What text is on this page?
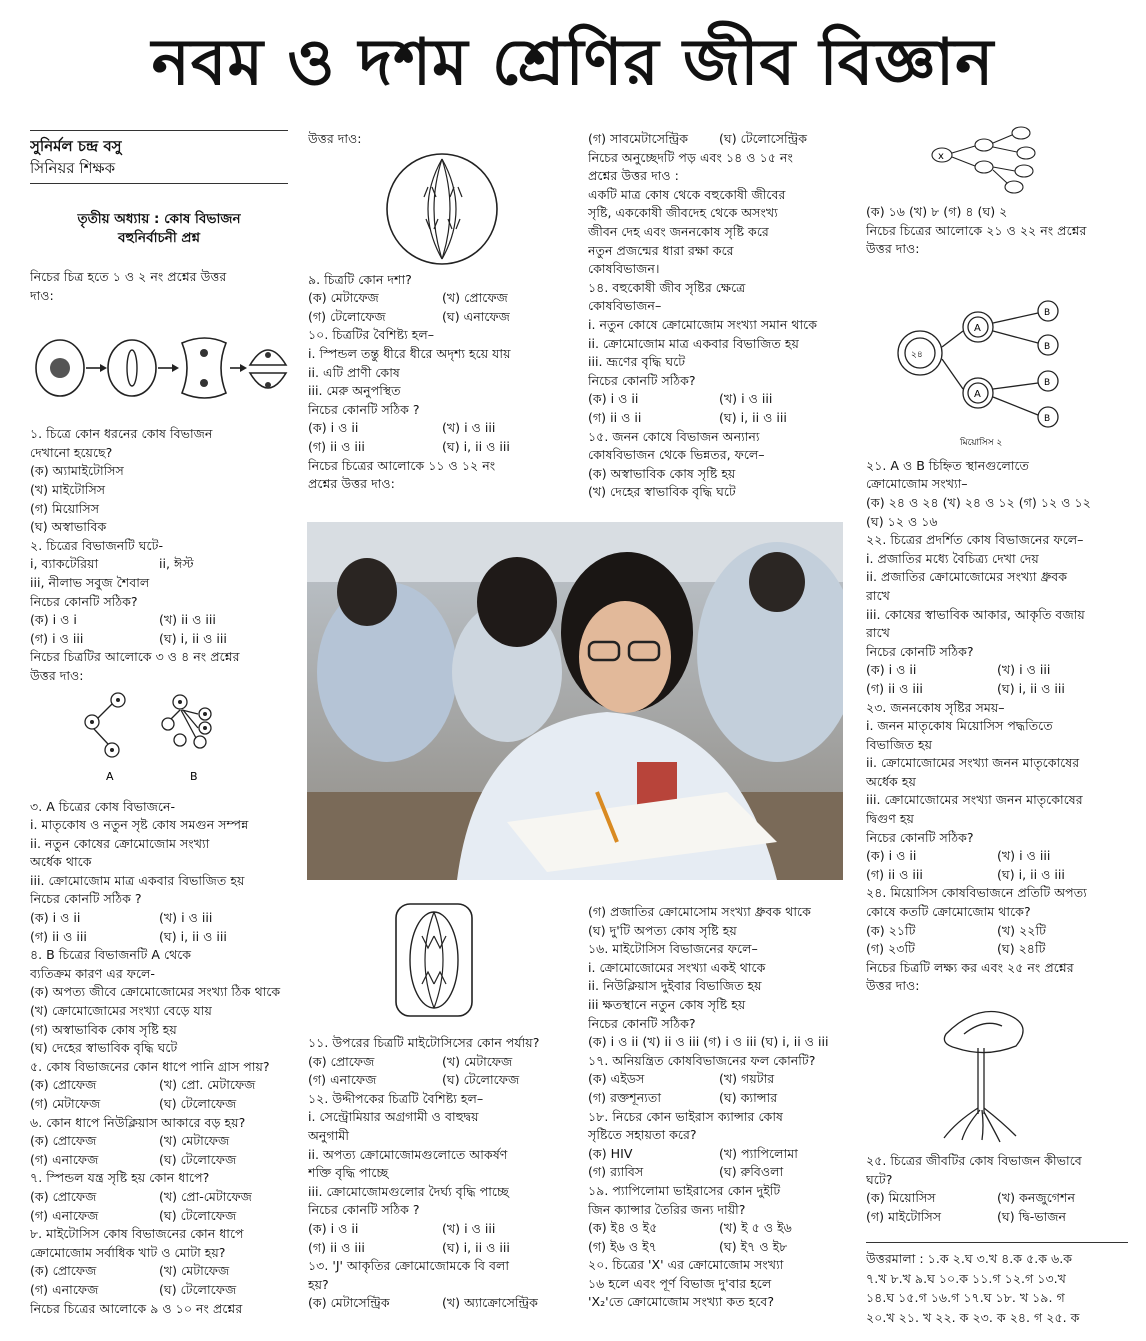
নবম ও দশম শ্রেণির জীব বিজ্ঞান

সুনির্মল চন্দ্র বসু

সিনিয়র শিক্ষক

তৃতীয় অধ্যায় : কোষ বিভাজন

বহুনির্বাচনী প্রশ্ন

নিচের চিত্র হতে ১ ও ২ নং প্রশ্নের উত্তর

দাও:

১. চিত্রে কোন ধরনের কোষ বিভাজন

দেখানো হয়েছে?

(ক) অ্যামাইটোসিস

(খ) মাইটোসিস

(গ) মিয়োসিস

(ঘ) অস্বাভাবিক

২. চিত্রের বিভাজনটি ঘটে-

i, ব্যাকটেরিয়া	ii, ঈস্ট

iii, নীলাভ সবুজ শৈবাল

নিচের কোনটি সঠিক?

(ক) i ও i	(খ) ii ও iii
(গ) i ও iii	(ঘ) i, ii ও iii

নিচের চিত্রটির আলোকে ৩ ও ৪ নং প্রশ্নের

উত্তর দাও:

A	B

৩. A চিত্রের কোষ বিভাজনে-

i. মাতৃকোষ ও নতুন সৃষ্ট কোষ সমগুন সম্পন্ন

ii. নতুন কোষের ক্রোমোজোম সংখ্যা

অর্ধেক থাকে

iii. ক্রোমোজোম মাত্র একবার বিভাজিত হয়

নিচের কোনটি সঠিক ?

(ক) i ও ii	(খ) i ও iii
(গ) ii ও iii	(ঘ) i, ii ও iii

৪. B চিত্রের বিভাজনটি A থেকে

ব্যতিক্রম কারণ এর ফলে-

(ক) অপত্য জীবে ক্রোমোজোমের সংখ্যা ঠিক থাকে

(খ) ক্রোমোজোমের সংখ্যা বেড়ে যায়

(গ) অস্বাভাবিক কোষ সৃষ্টি হয়

(ঘ) দেহের স্বাভাবিক বৃদ্ধি ঘটে

৫. কোষ বিভাজনের কোন ধাপে পানি গ্রাস পায়?

(ক) প্রোফেজ	(খ) প্রো. মেটাফেজ
(গ) মেটাফেজ	(ঘ) টেলোফেজ

৬. কোন ধাপে নিউক্লিয়াস আকারে বড় হয়?

(ক) প্রোফেজ	(খ) মেটাফেজ
(গ) এনাফেজ	(ঘ) টেলোফেজ

৭. স্পিন্ডল যন্ত্র সৃষ্টি হয় কোন ধাপে?

(ক) প্রোফেজ	(খ) প্রো-মেটাফেজ
(গ) এনাফেজ	(ঘ) টেলোফেজ

৮. মাইটোসিস কোষ বিভাজনের কোন ধাপে

ক্রোমোজোম সর্বাধিক খাট ও মোটা হয়?

(ক) প্রোফেজ	(খ) মেটাফেজ
(গ) এনাফেজ	(ঘ) টেলোফেজ

নিচের চিত্রের আলোকে ৯ ও ১০ নং প্রশ্নের

উত্তর দাও:

৯. চিত্রটি কোন দশা?

(ক) মেটাফেজ	(খ) প্রোফেজ
(গ) টেলোফেজ	(ঘ) এনাফেজ

১০. চিত্রটির বৈশিষ্ট্য হল–

i. স্পিন্ডল তন্তু ধীরে ধীরে অদৃশ্য হয়ে যায়

ii. এটি প্রাণী কোষ

iii. মেরু অনুপস্থিত

নিচের কোনটি সঠিক ?

(ক) i ও ii	(খ) i ও iii
(গ) ii ও iii	(ঘ) i, ii ও iii

নিচের চিত্রের আলোকে ১১ ও ১২ নং

প্রশ্নের উত্তর দাও:

১১. উপরের চিত্রটি মাইটোসিসের কোন পর্যায়?

(ক) প্রোফেজ	(খ) মেটাফেজ
(গ) এনাফেজ	(ঘ) টেলোফেজ

১২. উদ্দীপকের চিত্রটি বৈশিষ্ট্য হল–

i. সেন্ট্রোমিয়ার অগ্রগামী ও বাহুদ্বয়

অনুগামী

ii. অপত্য ক্রোমোজোমগুলোতে আকর্ষণ

শক্তি বৃদ্ধি পাচ্ছে

iii. ক্রোমোজোমগুলোর দৈর্ঘ্য বৃদ্ধি পাচ্ছে

নিচের কোনটি সঠিক ?

(ক) i ও ii	(খ) i ও iii
(গ) ii ও iii	(ঘ) i, ii ও iii

১৩. 'J' আকৃতির ক্রোমোজোমকে বি বলা

হয়?

(ক) মেটাসেন্ট্রিক	(খ) অ্যাক্রোসেন্ট্রিক
(গ) সাবমেটাসেন্ট্রিক	(ঘ) টেলোসেন্ট্রিক

নিচের অনুচ্ছেদটি পড় এবং ১৪ ও ১৫ নং

প্রশ্নের উত্তর দাও :

একটি মাত্র কোষ থেকে বহুকোষী জীবের

সৃষ্টি, এককোষী জীবদেহ থেকে অসংখ্য

জীবন দেহ এবং জননকোষ সৃষ্টি করে

নতুন প্রজন্মের ধারা রক্ষা করে

কোষবিভাজন।

১৪. বহুকোষী জীব সৃষ্টির ক্ষেত্রে

কোষবিভাজন–

i. নতুন কোষে ক্রোমোজোম সংখ্যা সমান থাকে

ii. ক্রোমোজোম মাত্র একবার বিভাজিত হয়

iii. ভ্রূণের বৃদ্ধি ঘটে

নিচের কোনটি সঠিক?

(ক) i ও ii	(খ) i ও iii
(গ) ii ও ii	(ঘ) i, ii ও iii

১৫. জনন কোষে বিভাজন অন্যান্য

কোষবিভাজন থেকে ভিন্নতর, ফলে–

(ক) অস্বাভাবিক কোষ সৃষ্টি হয়

(খ) দেহের স্বাভাবিক বৃদ্ধি ঘটে

(গ) প্রজাতির ক্রোমোসোম সংখ্যা ধ্রুবক থাকে

(ঘ) দু'টি অপত্য কোষ সৃষ্টি হয়

১৬. মাইটোসিস বিভাজনের ফলে–

i. ক্রোমোজোমের সংখ্যা একই থাকে

ii. নিউক্লিয়াস দুইবার বিভাজিত হয়

iii ক্ষতস্থানে নতুন কোষ সৃষ্টি হয়

নিচের কোনটি সঠিক?

(ক) i ও ii (খ) ii ও iii (গ) i ও iii (ঘ) i, ii ও iii

১৭. অনিয়ন্ত্রিত কোষবিভাজনের ফল কোনটি?

(ক) এইডস	(খ) গয়টার
(গ) রক্তশূন্যতা	(ঘ) ক্যান্সার

১৮. নিচের কোন ভাইরাস ক্যান্সার কোষ

সৃষ্টিতে সহায়তা করে?

(ক) HIV	(খ) প্যাপিলোমা
(গ) র‍্যাবিস	(ঘ) রুবিওলা

১৯. প্যাপিলোমা ভাইরাসের কোন দুইটি

জিন ক্যান্সার তৈরির জন্য দায়ী?

(ক) ই৪ ও ই৫	(খ) ই ৫ ও ই৬
(গ) ই৬ ও ই৭	(ঘ) ই৭ ও ই৮

২০. চিত্রের 'X' এর ক্রোমোজোম সংখ্যা

১৬ হলে এবং পূর্ণ বিভাজ দু'বার হলে

'X₂'তে ক্রোমোজোম সংখ্যা কত হবে?

x

(ক) ১৬ (খ) ৮ (গ) ৪ (ঘ) ২

নিচের চিত্রের আলোকে ২১ ও ২২ নং প্রশ্নের

উত্তর দাও:

২৪
A
A
B
B
B
B
মিয়োসিস ২

২১. A ও B চিহ্নিত স্থানগুলোতে

ক্রোমোজোম সংখ্যা–

(ক) ২৪ ও ২৪ (খ) ২৪ ও ১২ (গ) ১২ ও ১২

(ঘ) ১২ ও ১৬

২২. চিত্রের প্রদর্শিত কোষ বিভাজনের ফলে–

i. প্রজাতির মধ্যে বৈচিত্র্য দেখা দেয়

ii. প্রজাতির ক্রোমোজোমের সংখ্যা ধ্রুবক

রাখে

iii. কোষের স্বাভাবিক আকার, আকৃতি বজায়

রাখে

নিচের কোনটি সঠিক?

(ক) i ও ii	(খ) i ও iii
(গ) ii ও iii	(ঘ) i, ii ও iii

২৩. জননকোষ সৃষ্টির সময়–

i. জনন মাতৃকোষ মিয়োসিস পদ্ধতিতে

বিভাজিত হয়

ii. ক্রোমোজোমের সংখ্যা জনন মাতৃকোষের

অর্ধেক হয়

iii. ক্রোমোজোমের সংখ্যা জনন মাতৃকোষের

দ্বিগুণ হয়

নিচের কোনটি সঠিক?

(ক) i ও ii	(খ) i ও iii
(গ) ii ও iii	(ঘ) i, ii ও iii

২৪. মিয়োসিস কোষবিভাজনে প্রতিটি অপত্য

কোষে কতটি ক্রোমোজোম থাকে?

(ক) ২১টি	(খ) ২২টি
(গ) ২৩টি	(ঘ) ২৪টি

নিচের চিত্রটি লক্ষ্য কর এবং ২৫ নং প্রশ্নের

উত্তর দাও:

২৫. চিত্রের জীবটির কোষ বিভাজন কীভাবে

ঘটে?

(ক) মিয়োসিস	(খ) কনজুগেশন
(গ) মাইটোসিস	(ঘ) দ্বি-ভাজন

উত্তরমালা : ১.ক ২.ঘ ৩.খ ৪.ক ৫.ক ৬.ক

৭.খ ৮.খ ৯.ঘ ১০.ক ১১.গ ১২.গ ১৩.খ

১৪.ঘ ১৫.গ ১৬.গ ১৭.ঘ ১৮. খ ১৯. গ

২০.খ ২১. খ ২২. ক ২৩. ক ২৪. গ ২৫. ক
